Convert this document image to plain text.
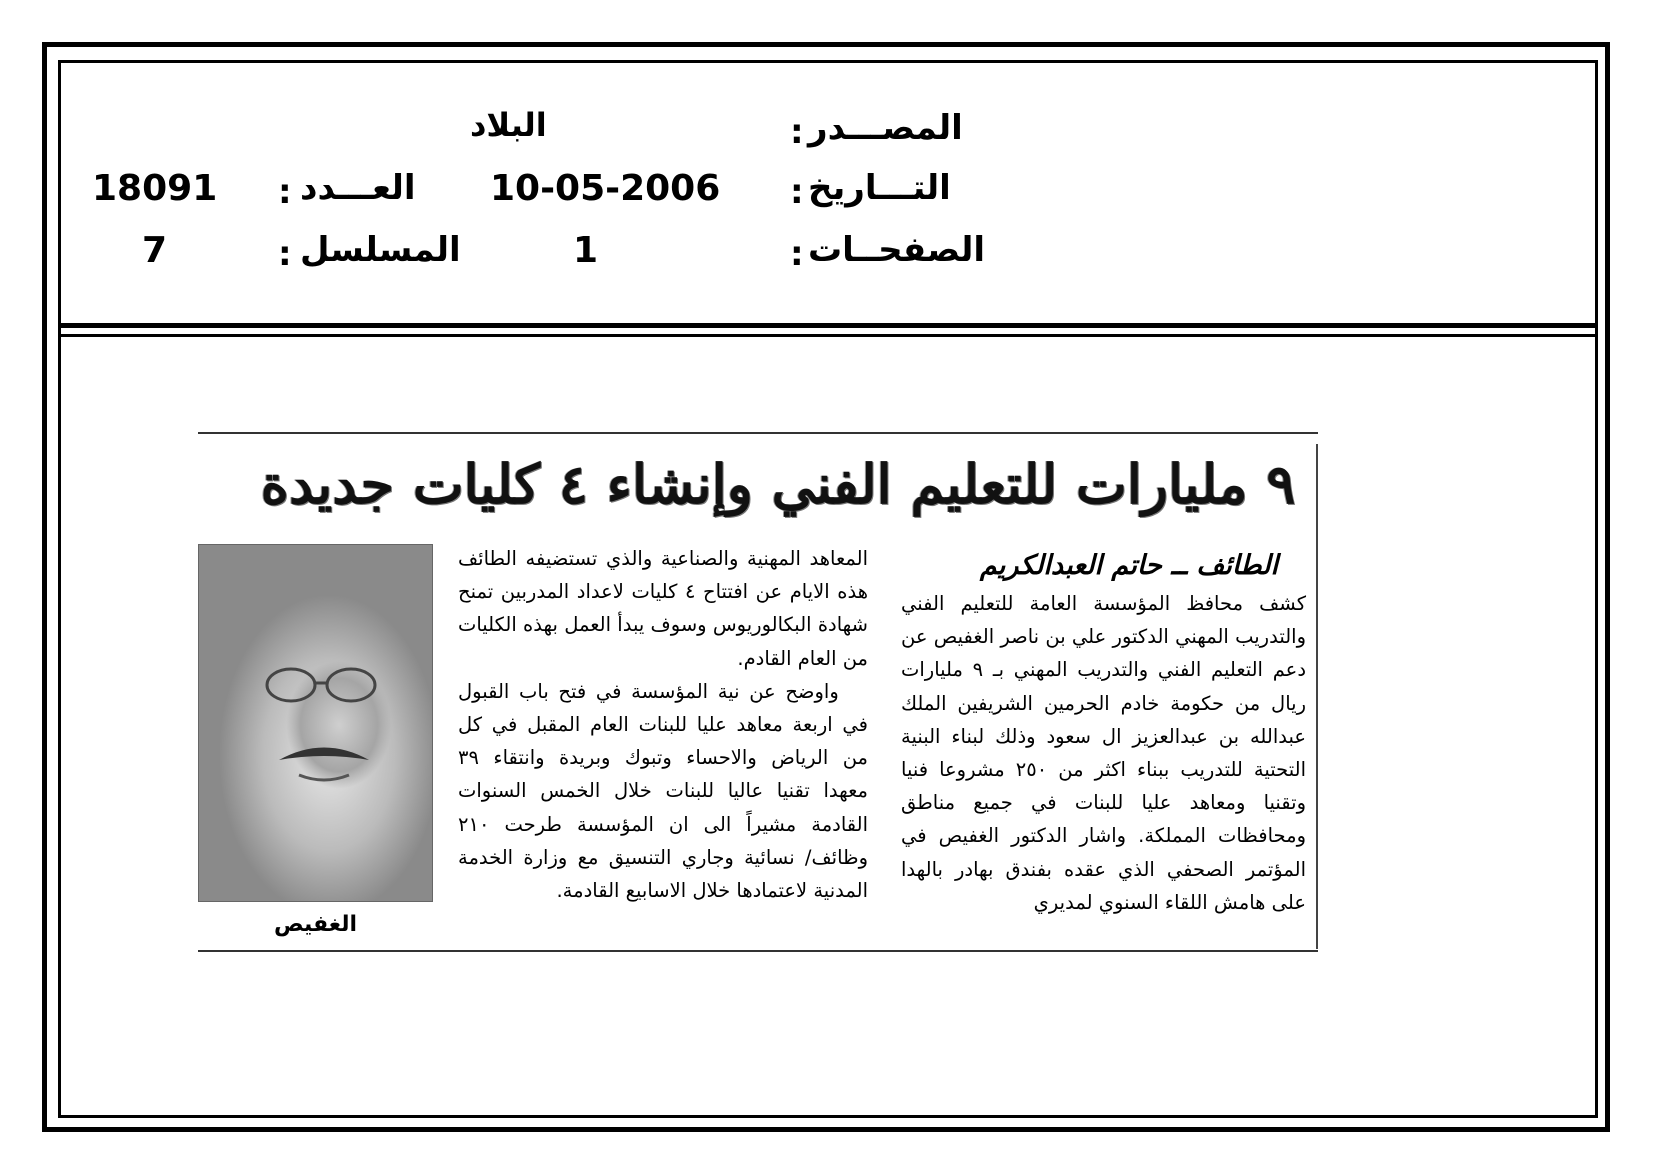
المصـــدر
:
البلاد
التـــاريخ
:
10-05-2006
العـــدد
:
18091
الصفحــات
:
1
المسلسل
:
7
٩ مليارات للتعليم الفني وإنشاء ٤ كليات جديدة
الطائف ــ حاتم العبدالكريم

كشف محافظ المؤسسة العامة للتعليم الفني والتدريب المهني الدكتور علي بن ناصر الغفيص عن دعم التعليم الفني والتدريب المهني بـ ٩ مليارات ريال من حكومة خادم الحرمين الشريفين الملك عبدالله بن عبدالعزيز ال سعود وذلك لبناء البنية التحتية للتدريب ببناء اكثر من ٢٥٠ مشروعا فنيا وتقنيا ومعاهد عليا للبنات في جميع مناطق ومحافظات المملكة. واشار الدكتور الغفيص في المؤتمر الصحفي الذي عقده بفندق بهادر بالهدا على هامش اللقاء السنوي لمديري

المعاهد المهنية والصناعية والذي تستضيفه الطائف هذه الايام عن افتتاح ٤ كليات لاعداد المدربين تمنح شهادة البكالوريوس وسوف يبدأ العمل بهذه الكليات من العام القادم.

واوضح عن نية المؤسسة في فتح باب القبول في اربعة معاهد عليا للبنات العام المقبل في كل من الرياض والاحساء وتبوك وبريدة وانتقاء ٣٩ معهدا تقنيا عاليا للبنات خلال الخمس السنوات القادمة مشيراً الى ان المؤسسة طرحت ٢١٠ وظائف/ نسائية وجاري التنسيق مع وزارة الخدمة المدنية لاعتمادها خلال الاسابيع القادمة.

الغفيص
